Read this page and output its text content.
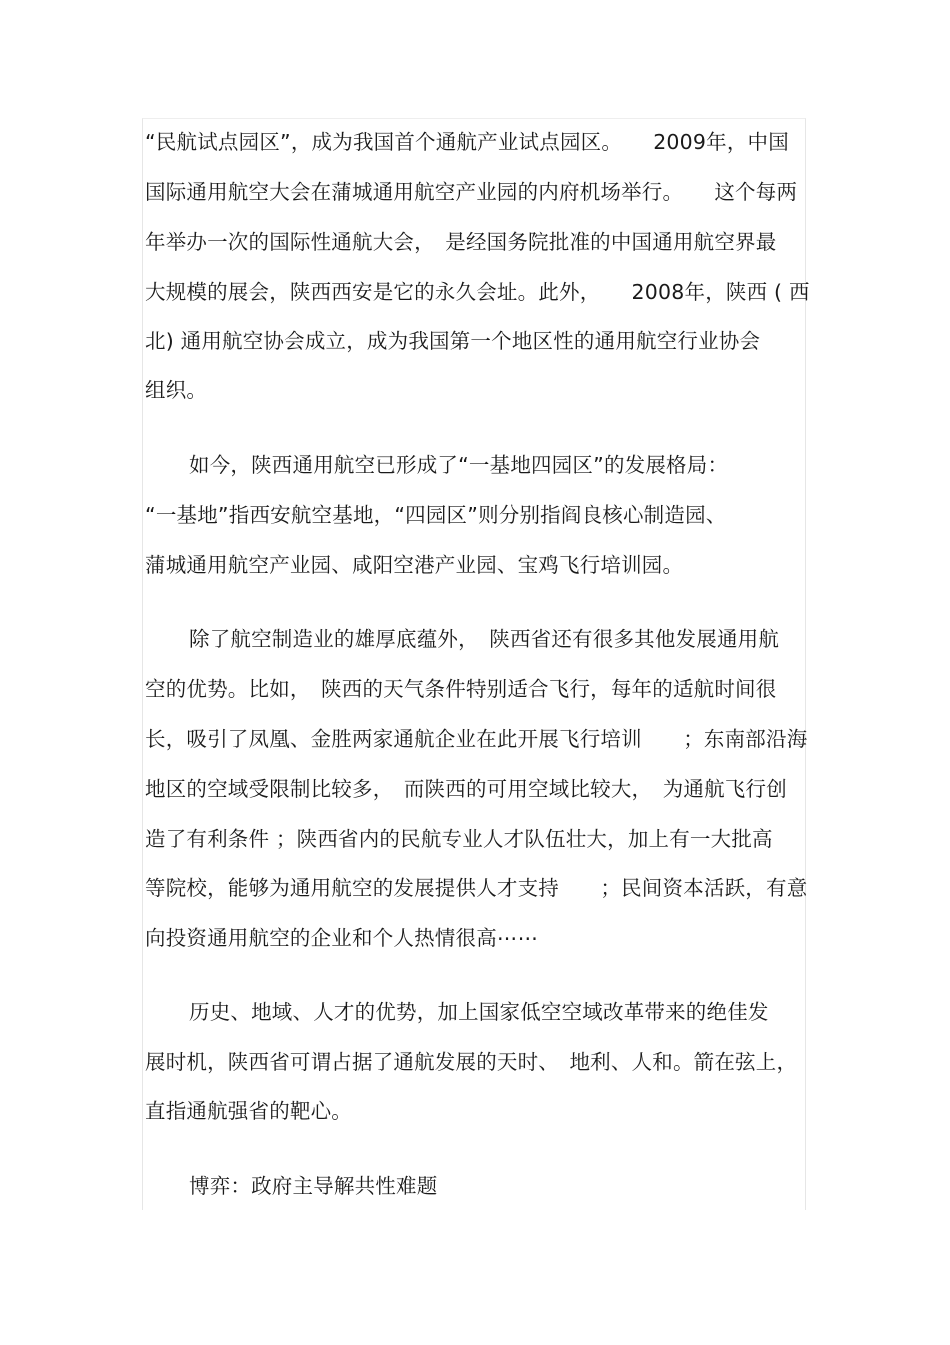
“民航试点园区”，成为我国首个通航产业试点园区。　　2009年，中国
国际通用航空大会在蒲城通用航空产业园的内府机场举行。　　这个每两
年举办一次的国际性通航大会，　是经国务院批准的中国通用航空界最
大规模的展会，陕西西安是它的永久会址。此外，　　2008年，陕西 ( 西
北) 通用航空协会成立，成为我国第一个地区性的通用航空行业协会
组织。
如今，陕西通用航空已形成了“一基地四园区”的发展格局：
“一基地”指西安航空基地，“四园区”则分别指阎良核心制造园、
蒲城通用航空产业园、咸阳空港产业园、宝鸡飞行培训园。
除了航空制造业的雄厚底蕴外，　陕西省还有很多其他发展通用航
空的优势。比如，　陕西的天气条件特别适合飞行，每年的适航时间很
长，吸引了凤凰、金胜两家通航企业在此开展飞行培训　　；东南部沿海
地区的空域受限制比较多，　而陕西的可用空域比较大，　为通航飞行创
造了有利条件 ；陕西省内的民航专业人才队伍壮大，加上有一大批高
等院校，能够为通用航空的发展提供人才支持　　；民间资本活跃，有意
向投资通用航空的企业和个人热情很高⋯⋯
历史、地域、人才的优势，加上国家低空空域改革带来的绝佳发
展时机，陕西省可谓占据了通航发展的天时、　地利、人和。箭在弦上，
直指通航强省的靶心。
博弈：政府主导解共性难题
